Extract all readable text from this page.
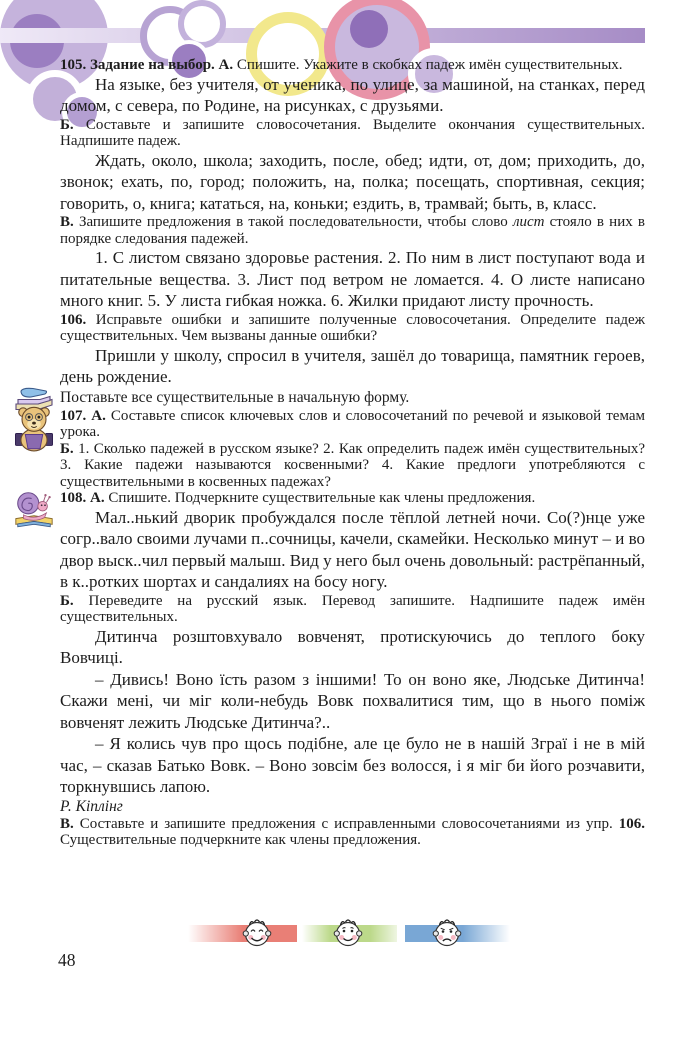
105. Задание на выбор. А. Спишите. Укажите в скобках падеж имён существительных.

На языке, без учителя, от ученика, по улице, за машиной, на станках, перед домом, с севера, по Родине, на рисунках, с друзьями.

Б. Составьте и запишите словосочетания. Выделите окончания существительных. Надпишите падеж.

Ждать, около, школа; заходить, после, обед; идти, от, дом; приходить, до, звонок; ехать, по, город; положить, на, полка; посещать, спортивная, секция; говорить, о, книга; кататься, на, коньки; ездить, в, трамвай; быть, в, класс.

В. Запишите предложения в такой последовательности, чтобы слово лист стояло в них в порядке следования падежей.

1. С листом связано здоровье растения. 2. По ним в лист поступают вода и питательные вещества. 3. Лист под ветром не ломается. 4. О листе написано много книг. 5. У листа гибкая ножка. 6. Жилки придают листу прочность.

106. Исправьте ошибки и запишите полученные словосочетания. Определите падеж существительных. Чем вызваны данные ошибки?

Пришли у школу, спросил в учителя, зашёл до товарища, памятник героев, день рождение.

Поставьте все существительные в начальную форму.

107. А. Составьте список ключевых слов и словосочетаний по речевой и языковой темам урока.

Б. 1. Сколько падежей в русском языке? 2. Как определить падеж имён существительных? 3. Какие падежи называются косвенными? 4. Какие предлоги употребляются с существительными в косвенных падежах?

108. А. Спишите. Подчеркните существительные как члены предложения.

Мал..нький дворик пробуждался после тёплой летней ночи. Со(?)нце уже согр..вало своими лучами п..сочницы, качели, скамейки. Несколько минут – и во двор выск..чил первый малыш. Вид у него был очень довольный: растрёпанный, в к..ротких шортах и сандалиях на босу ногу.

Б. Переведите на русский язык. Перевод запишите. Надпишите падеж имён существительных.

Дитинча розштовхувало вовченят, протискуючись до теплого боку Вовчиці.

– Дивись! Воно їсть разом з іншими! То он воно яке, Людське Дитинча! Скажи мені, чи міг коли-небудь Вовк похвалитися тим, що в нього поміж вовченят лежить Людське Дитинча?..

– Я колись чув про щось подібне, але це було не в нашій Зграї і не в мій час, – сказав Батько Вовк. – Воно зовсім без волосся, і я міг би його розчавити, торкнувшись лапою.

Р. Кіплінг

В. Составьте и запишите предложения с исправленными словосочетаниями из упр. 106. Существительные подчеркните как члены предложения.

48
